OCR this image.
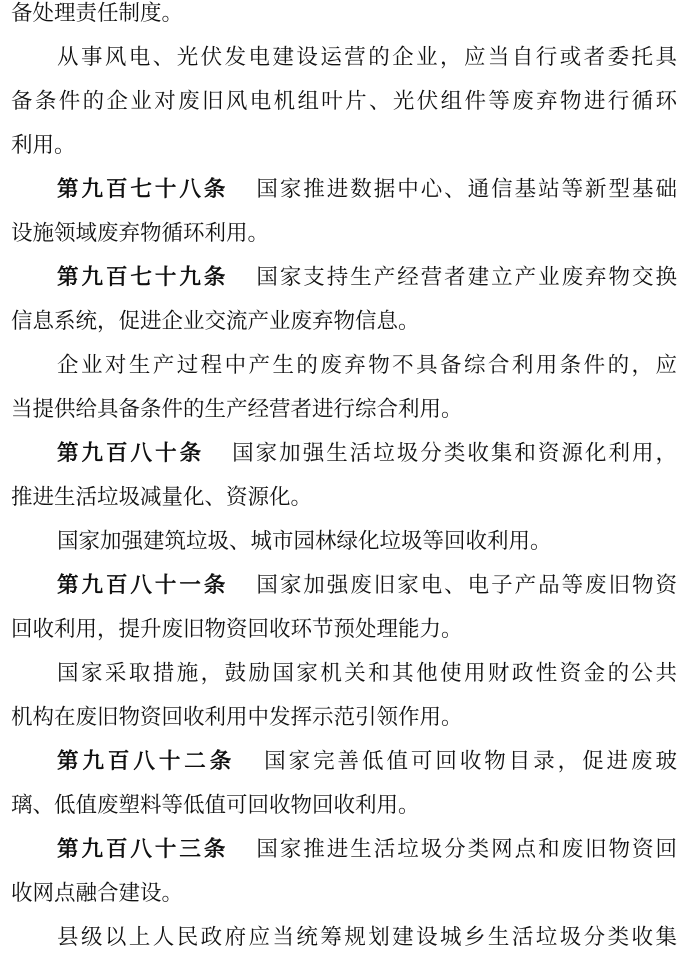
备处理责任制度。
从事风电、光伏发电建设运营的企业，应当自行或者委托具
备条件的企业对废旧风电机组叶片、光伏组件等废弃物进行循环
利用。
第九百七十八条 国家推进数据中心、通信基站等新型基础
设施领域废弃物循环利用。
第九百七十九条 国家支持生产经营者建立产业废弃物交换
信息系统，促进企业交流产业废弃物信息。
企业对生产过程中产生的废弃物不具备综合利用条件的，应
当提供给具备条件的生产经营者进行综合利用。
第九百八十条 国家加强生活垃圾分类收集和资源化利用，
推进生活垃圾减量化、资源化。
国家加强建筑垃圾、城市园林绿化垃圾等回收利用。
第九百八十一条 国家加强废旧家电、电子产品等废旧物资
回收利用，提升废旧物资回收环节预处理能力。
国家采取措施，鼓励国家机关和其他使用财政性资金的公共
机构在废旧物资回收利用中发挥示范引领作用。
第九百八十二条 国家完善低值可回收物目录，促进废玻
璃、低值废塑料等低值可回收物回收利用。
第九百八十三条 国家推进生活垃圾分类网点和废旧物资回
收网点融合建设。
县级以上人民政府应当统筹规划建设城乡生活垃圾分类收集
